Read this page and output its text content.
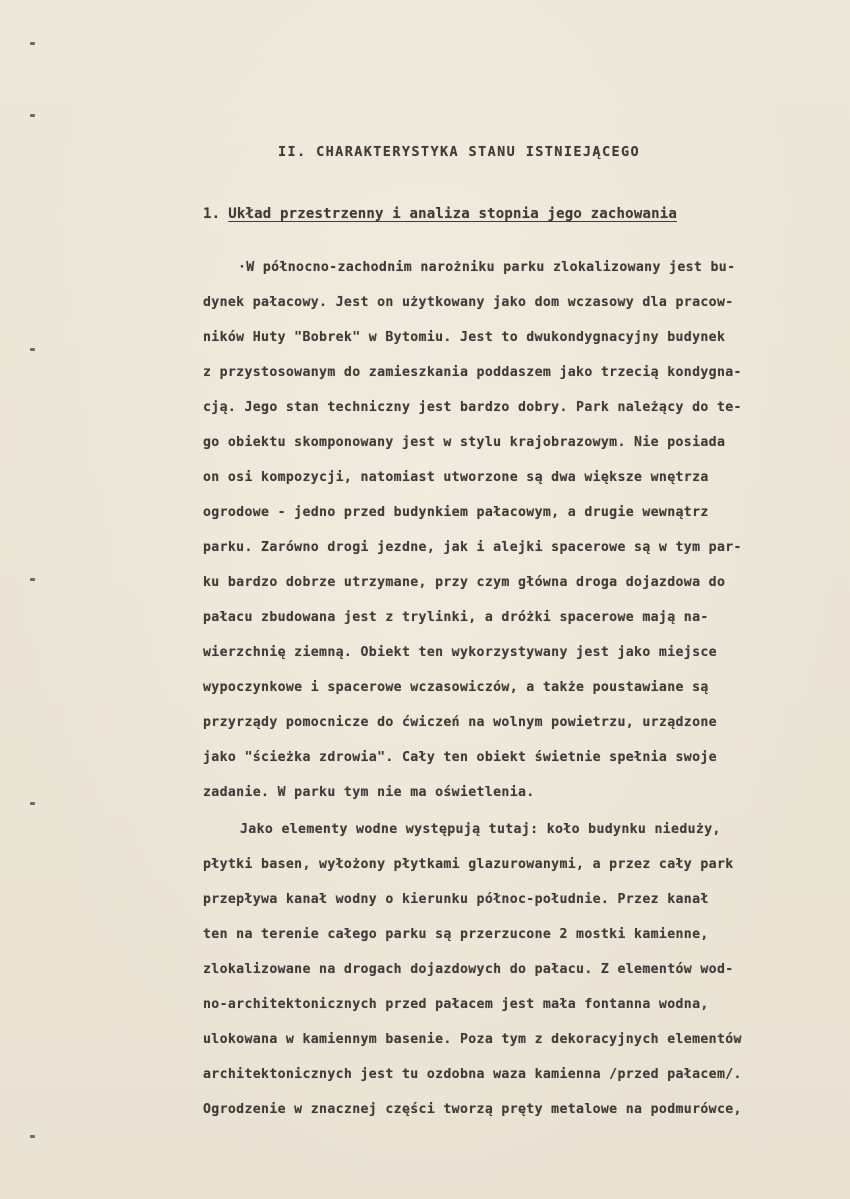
II. CHARAKTERYSTYKA STANU ISTNIEJĄCEGO
1. Układ przestrzenny i analiza stopnia jego zachowania
·W północno-zachodnim narożniku parku zlokalizowany jest bu-
dynek pałacowy. Jest on użytkowany jako dom wczasowy dla pracow-
ników Huty "Bobrek" w Bytomiu. Jest to dwukondygnacyjny budynek
z przystosowanym do zamieszkania poddaszem jako trzecią kondygna-
cją. Jego stan techniczny jest bardzo dobry. Park należący do te-
go obiektu skomponowany jest w stylu krajobrazowym. Nie posiada
on osi kompozycji, natomiast utworzone są dwa większe wnętrza
ogrodowe - jedno przed budynkiem pałacowym, a drugie wewnątrz
parku. Zarówno drogi jezdne, jak i alejki spacerowe są w tym par-
ku bardzo dobrze utrzymane, przy czym główna droga dojazdowa do
pałacu zbudowana jest z trylinki, a dróżki spacerowe mają na-
wierzchnię ziemną. Obiekt ten wykorzystywany jest jako miejsce
wypoczynkowe i spacerowe wczasowiczów, a także poustawiane są
przyrządy pomocnicze do ćwiczeń na wolnym powietrzu, urządzone
jako "ścieżka zdrowia". Cały ten obiekt świetnie spełnia swoje
zadanie. W parku tym nie ma oświetlenia.
Jako elementy wodne występują tutaj: koło budynku nieduży,
płytki basen, wyłożony płytkami glazurowanymi, a przez cały park
przepływa kanał wodny o kierunku północ-południe. Przez kanał
ten na terenie całego parku są przerzucone 2 mostki kamienne,
zlokalizowane na drogach dojazdowych do pałacu. Z elementów wod-
no-architektonicznych przed pałacem jest mała fontanna wodna,
ulokowana w kamiennym basenie. Poza tym z dekoracyjnych elementów
architektonicznych jest tu ozdobna waza kamienna /przed pałacem/.
Ogrodzenie w znacznej części tworzą pręty metalowe na podmurówce,
